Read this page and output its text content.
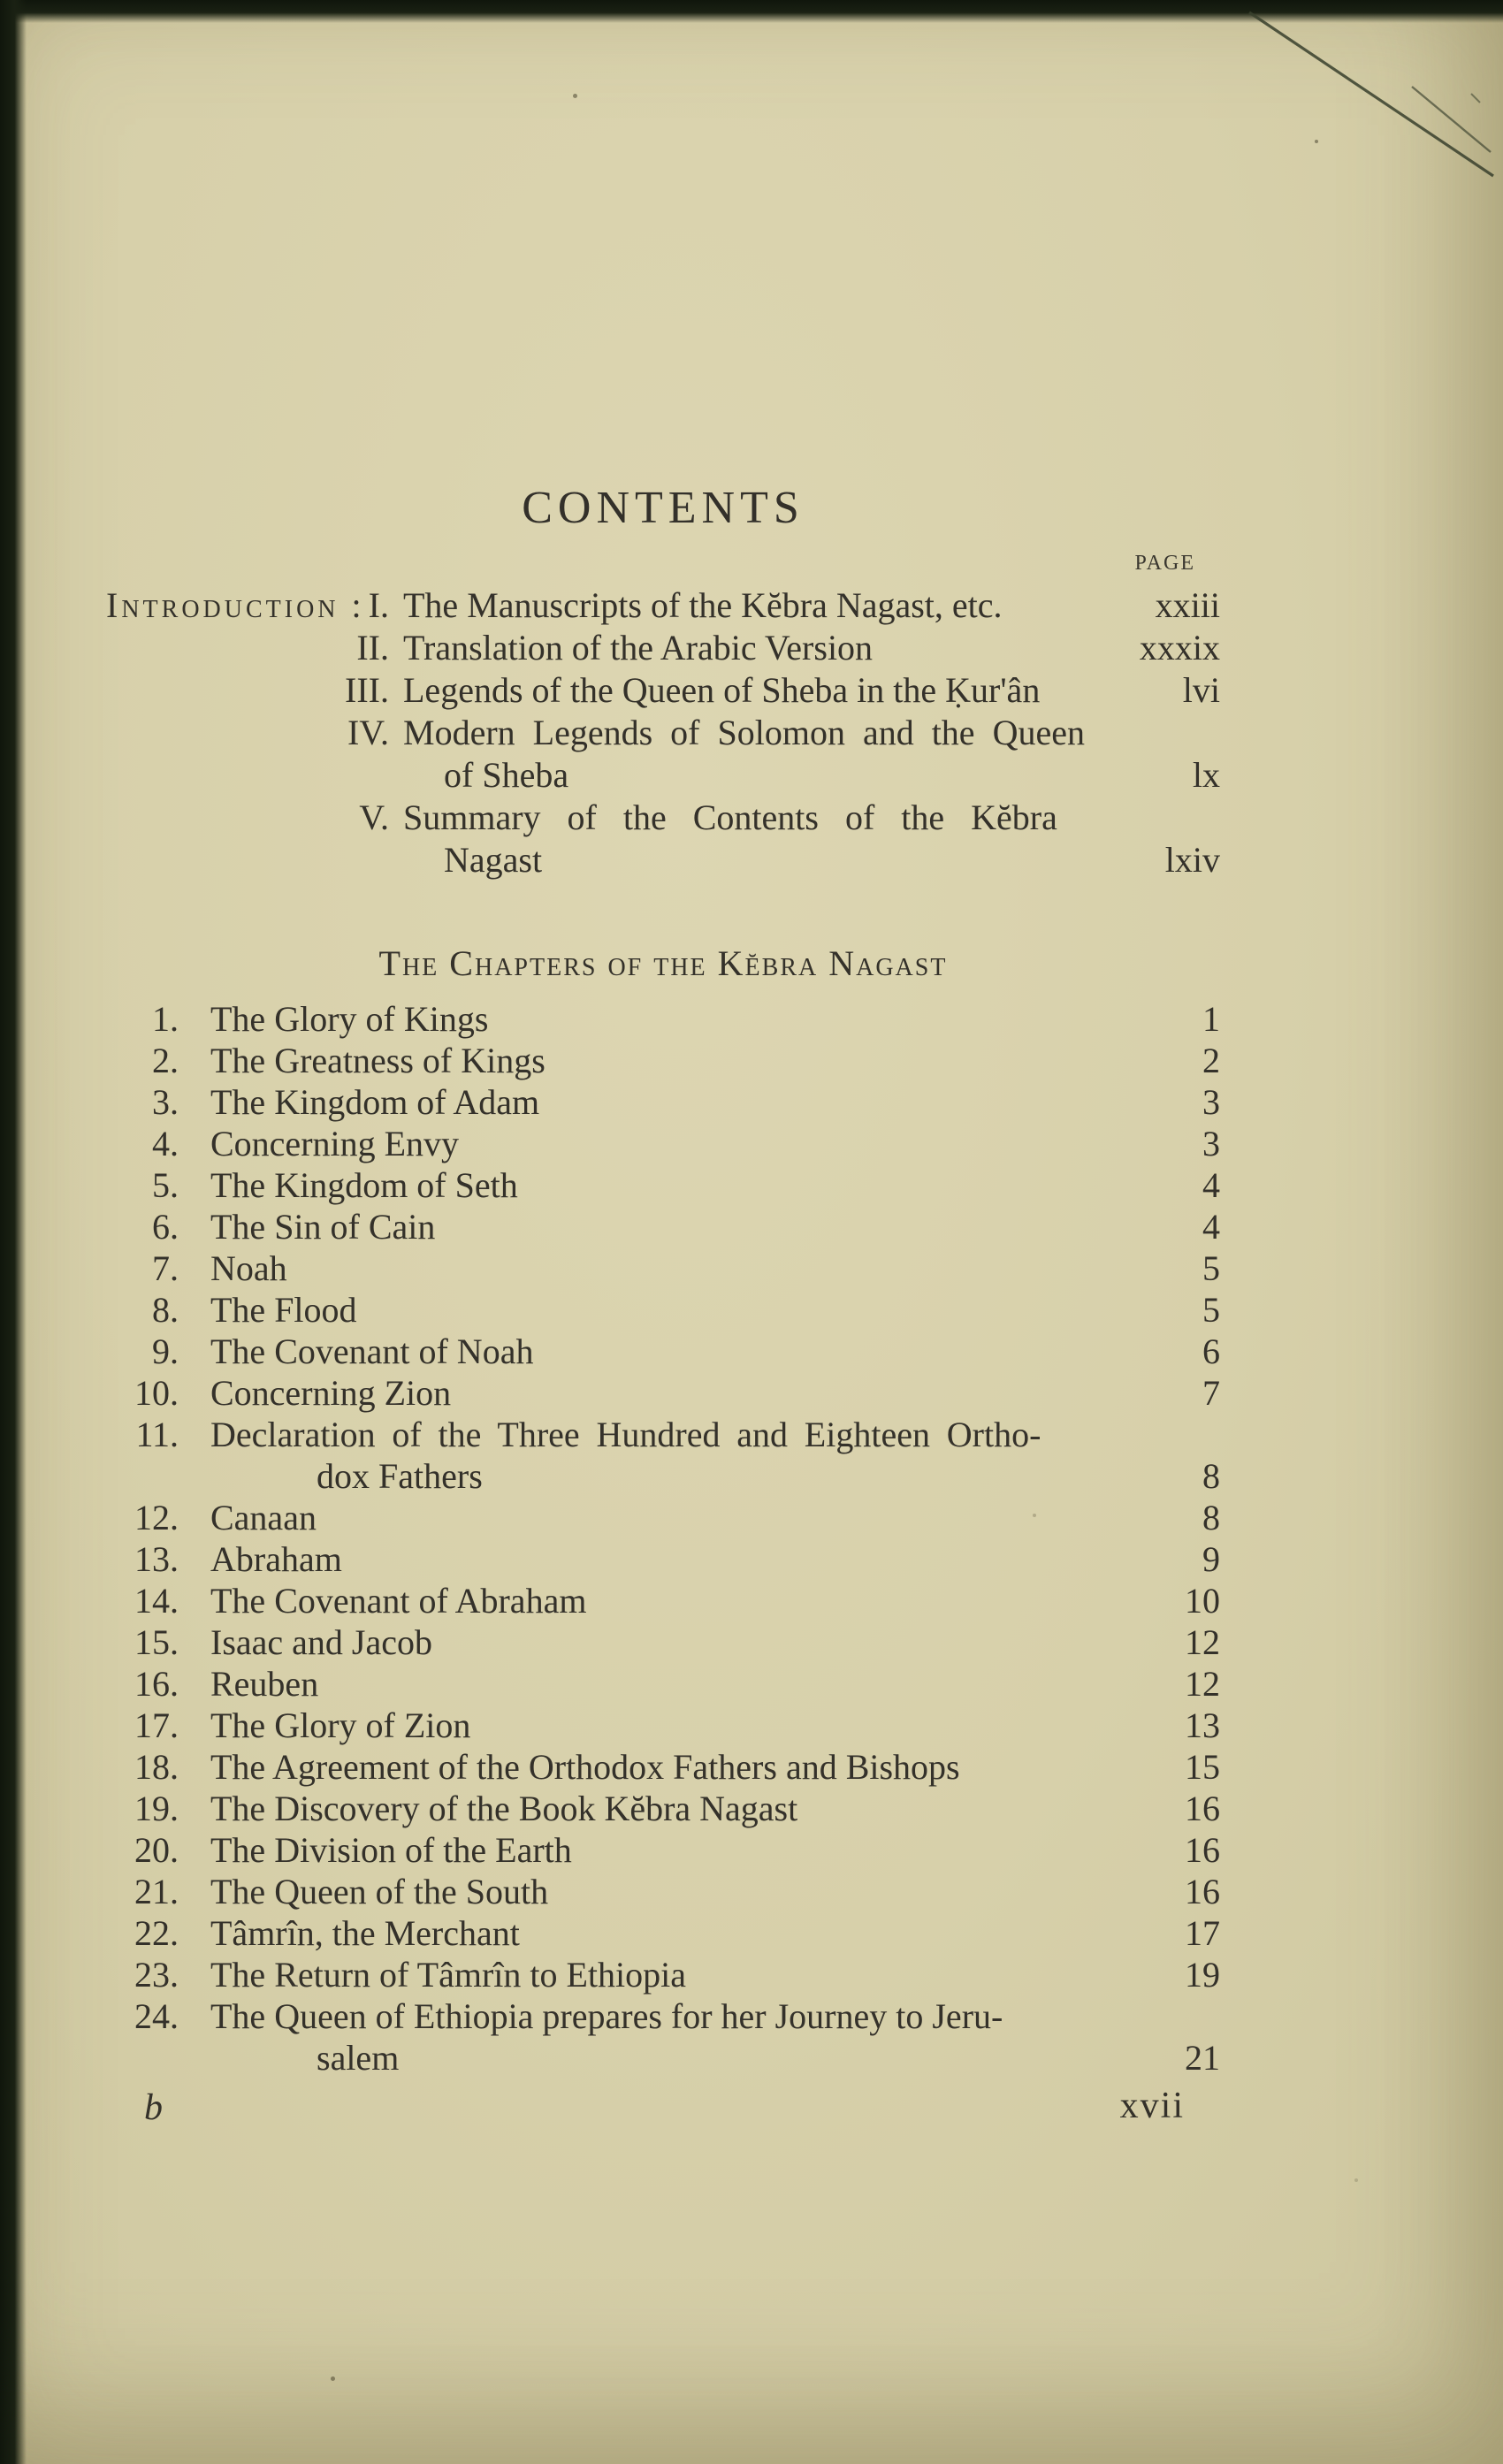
CONTENTS
PAGE
Introduction : I. The Manuscripts of the Kĕbra Nagast, etc.	xxiii
II. Translation of the Arabic Version	xxxix
III. Legends of the Queen of Sheba in the Ḳur'ân	lvi
IV. Modern Legends of Solomon and the Queen
of Sheba	lx
V. Summary of the Contents of the Kĕbra
Nagast	lxiv
The Chapters of the Kĕbra Nagast
1. The Glory of Kings	1
2. The Greatness of Kings	2
3. The Kingdom of Adam	3
4. Concerning Envy	3
5. The Kingdom of Seth	4
6. The Sin of Cain	4
7. Noah	5
8. The Flood	5
9. The Covenant of Noah	6
10. Concerning Zion	7
11. Declaration of the Three Hundred and Eighteen Ortho-
dox Fathers	8
12. Canaan	8
13. Abraham	9
14. The Covenant of Abraham	10
15. Isaac and Jacob	12
16. Reuben	12
17. The Glory of Zion	13
18. The Agreement of the Orthodox Fathers and Bishops	15
19. The Discovery of the Book Kĕbra Nagast	16
20. The Division of the Earth	16
21. The Queen of the South	16
22. Tâmrîn, the Merchant	17
23. The Return of Tâmrîn to Ethiopia	19
24. The Queen of Ethiopia prepares for her Journey to Jeru-
salem	21
b	xvii
